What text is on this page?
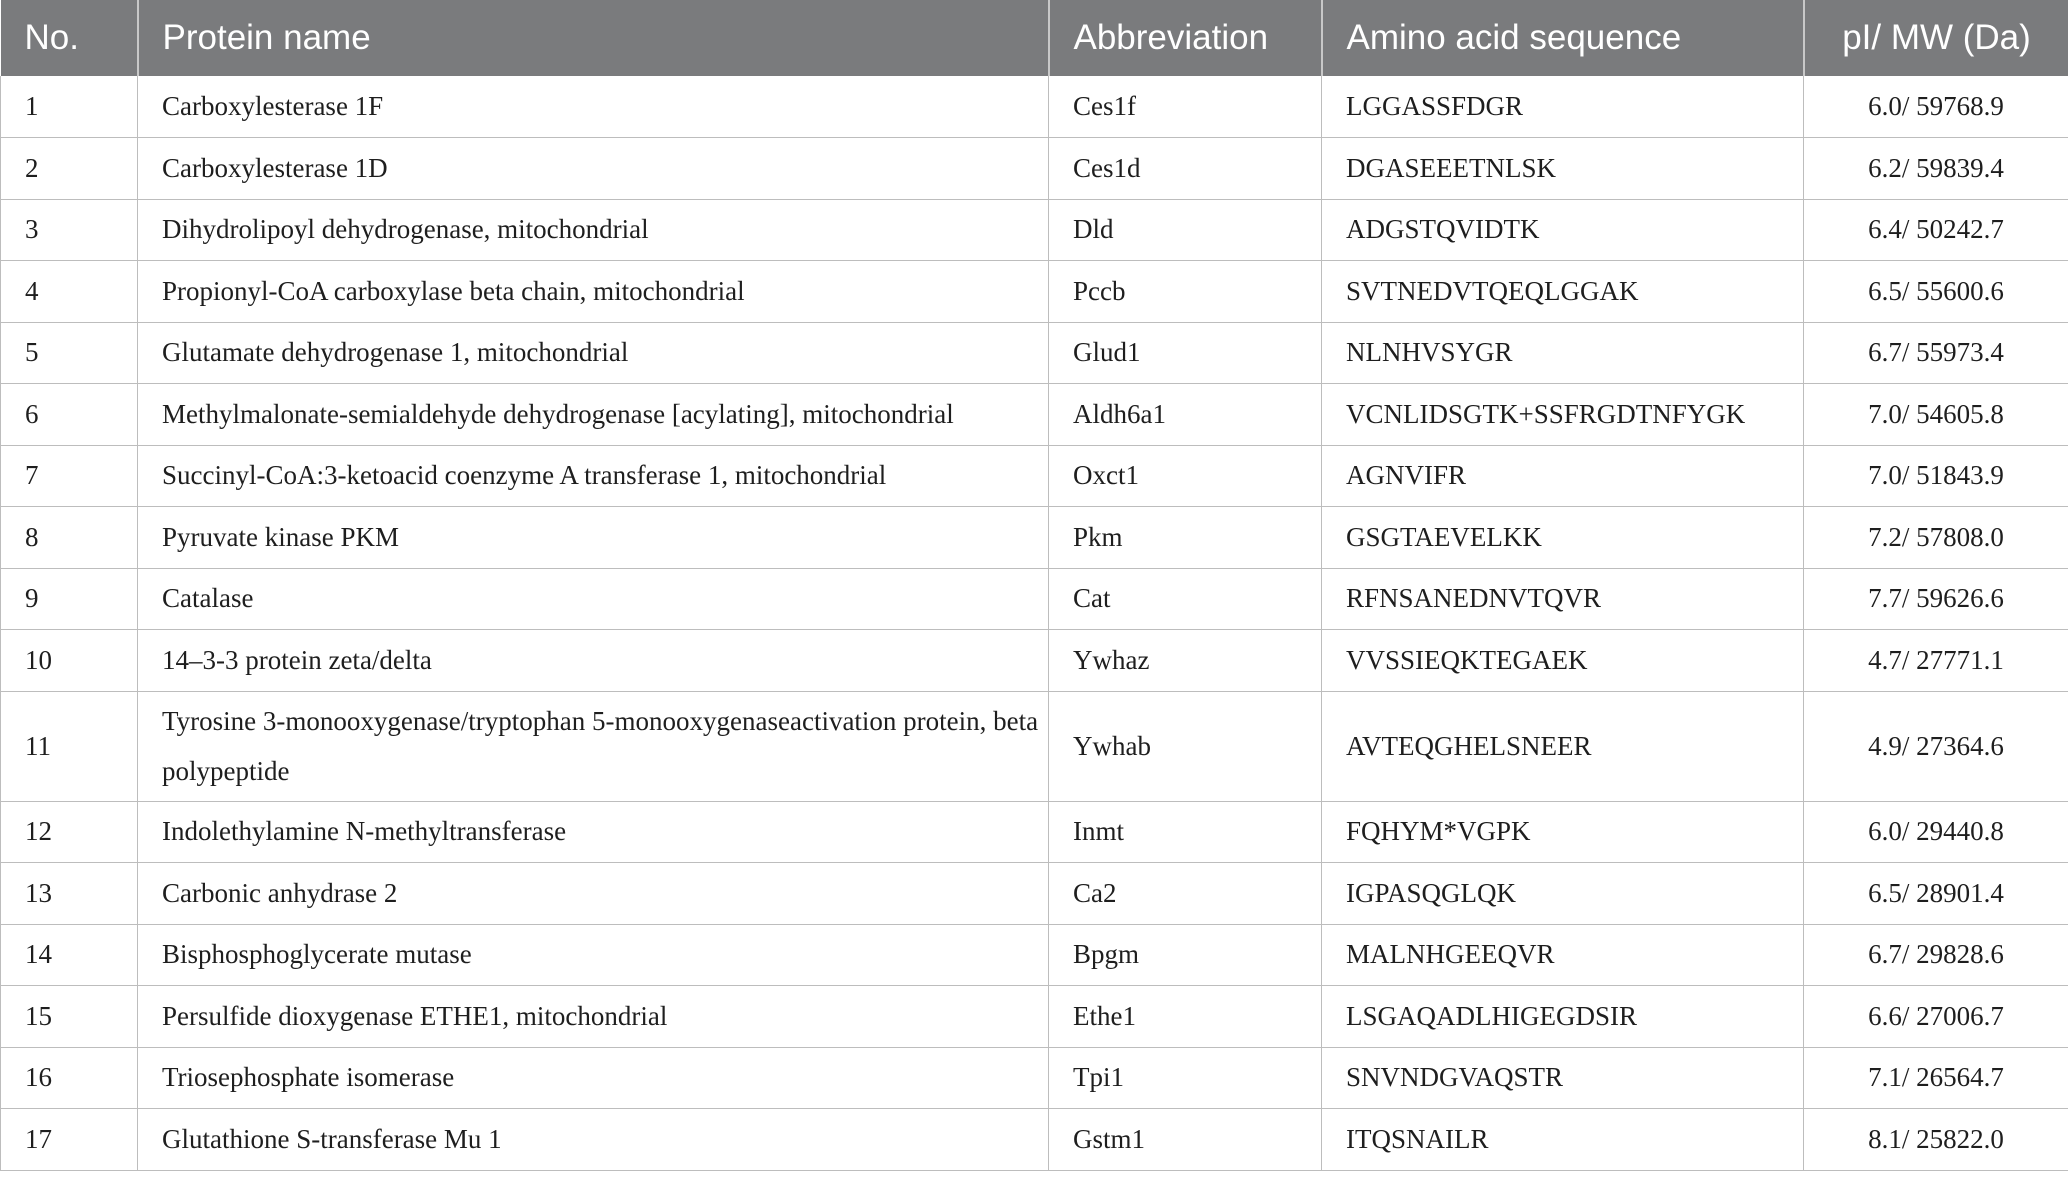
No.	Protein name	Abbreviation	Amino acid sequence	pI/ MW (Da)
1	Carboxylesterase 1F	Ces1f	LGGASSFDGR	6.0/ 59768.9
2	Carboxylesterase 1D	Ces1d	DGASEEETNLSK	6.2/ 59839.4
3	Dihydrolipoyl dehydrogenase, mitochondrial	Dld	ADGSTQVIDTK	6.4/ 50242.7
4	Propionyl-CoA carboxylase beta chain, mitochondrial	Pccb	SVTNEDVTQEQLGGAK	6.5/ 55600.6
5	Glutamate dehydrogenase 1, mitochondrial	Glud1	NLNHVSYGR	6.7/ 55973.4
6	Methylmalonate-semialdehyde dehydrogenase [acylating], mitochondrial	Aldh6a1	VCNLIDSGTK+SSFRGDTNFYGK	7.0/ 54605.8
7	Succinyl-CoA:3-ketoacid coenzyme A transferase 1, mitochondrial	Oxct1	AGNVIFR	7.0/ 51843.9
8	Pyruvate kinase PKM	Pkm	GSGTAEVELKK	7.2/ 57808.0
9	Catalase	Cat	RFNSANEDNVTQVR	7.7/ 59626.6
10	14–3-3 protein zeta/delta	Ywhaz	VVSSIEQKTEGAEK	4.7/ 27771.1
11	Tyrosine 3-monooxygenase/tryptophan 5-monooxygenaseactivation protein, beta polypeptide	Ywhab	AVTEQGHELSNEER	4.9/ 27364.6
12	Indolethylamine N-methyltransferase	Inmt	FQHYM*VGPK	6.0/ 29440.8
13	Carbonic anhydrase 2	Ca2	IGPASQGLQK	6.5/ 28901.4
14	Bisphosphoglycerate mutase	Bpgm	MALNHGEEQVR	6.7/ 29828.6
15	Persulfide dioxygenase ETHE1, mitochondrial	Ethe1	LSGAQADLHIGEGDSIR	6.6/ 27006.7
16	Triosephosphate isomerase	Tpi1	SNVNDGVAQSTR	7.1/ 26564.7
17	Glutathione S-transferase Mu 1	Gstm1	ITQSNAILR	8.1/ 25822.0
